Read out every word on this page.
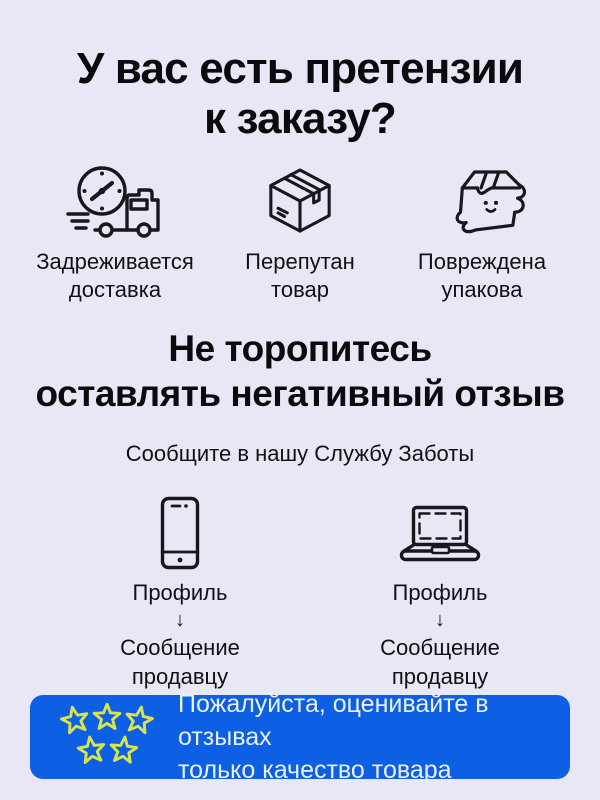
У вас есть претензии
к заказу?
Задреживается
доставка
Перепутан
товар
Повреждена
упакова
Не торопитесь
оставлять негативный отзыв
Сообщите в нашу Службу Заботы
Профиль
↓
Сообщение
продавцу
Профиль
↓
Сообщение
продавцу
Пожалуйста, оценивайте в отзывах
только качество товара
